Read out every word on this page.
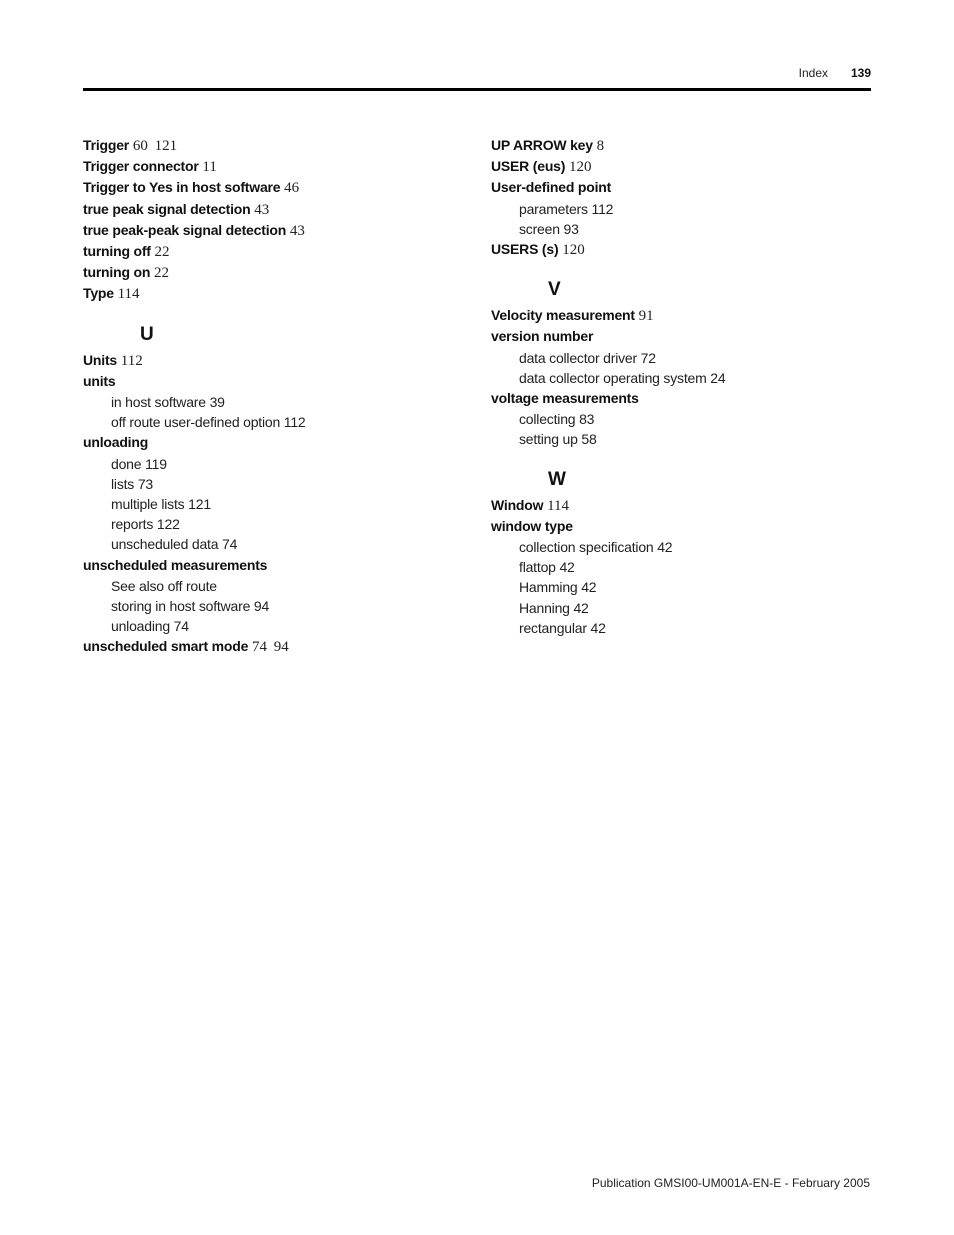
Index 139
Trigger 60 121
Trigger connector 11
Trigger to Yes in host software 46
true peak signal detection 43
true peak-peak signal detection 43
turning off 22
turning on 22
Type 114
U
Units 112
units
in host software 39
off route user-defined option 112
unloading
done 119
lists 73
multiple lists 121
reports 122
unscheduled data 74
unscheduled measurements
See also off route
storing in host software 94
unloading 74
unscheduled smart mode 74 94
UP ARROW key 8
USER (eus) 120
User-defined point
parameters 112
screen 93
USERS (s) 120
V
Velocity measurement 91
version number
data collector driver 72
data collector operating system 24
voltage measurements
collecting 83
setting up 58
W
Window 114
window type
collection specification 42
flattop 42
Hamming 42
Hanning 42
rectangular 42
Publication GMSI00-UM001A-EN-E - February 2005
